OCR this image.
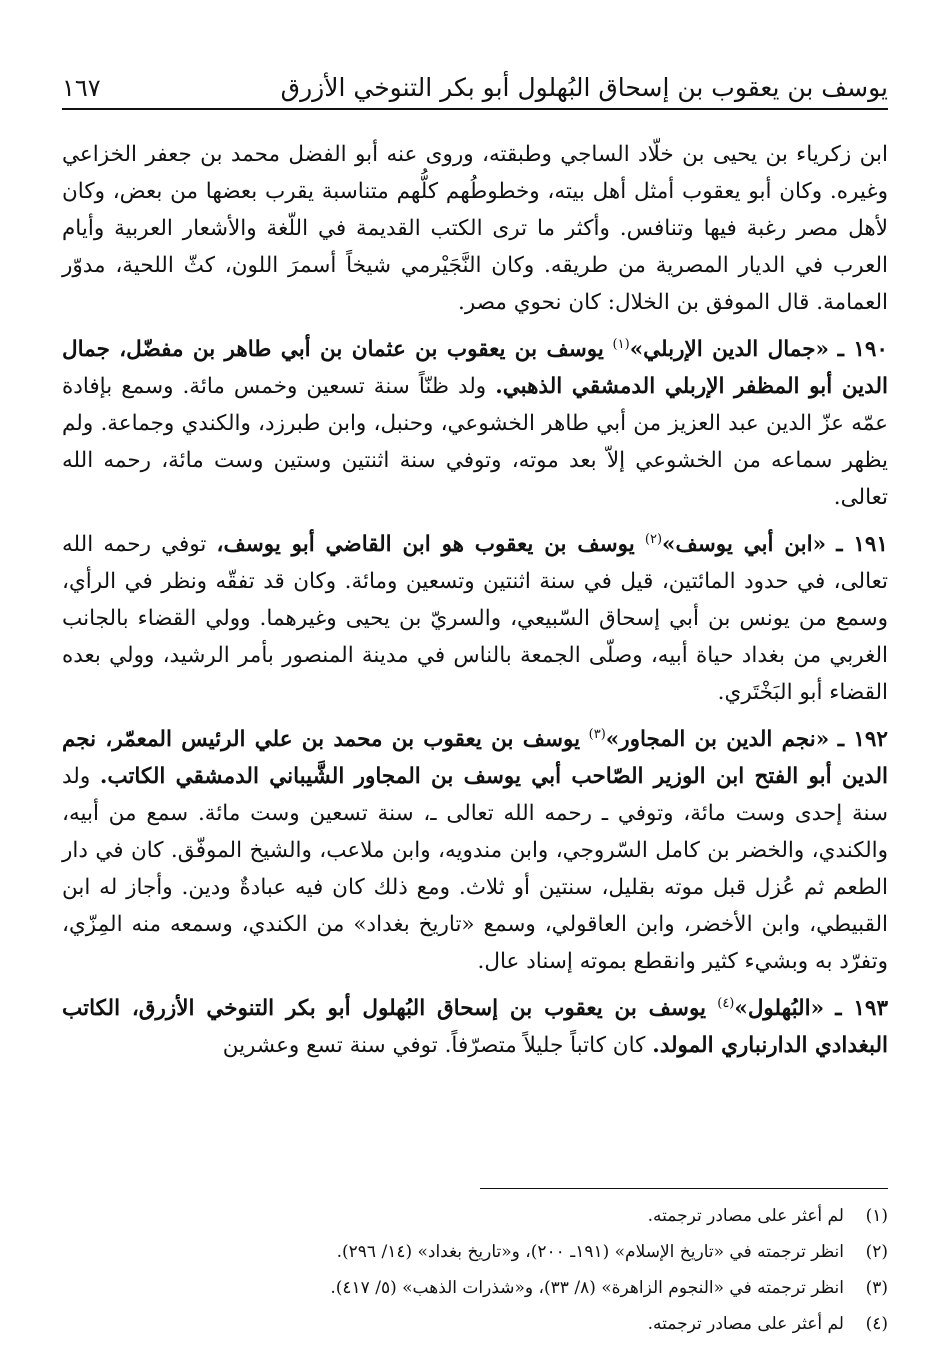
يوسف بن يعقوب بن إسحاق البُهلول أبو بكر التنوخي الأزرق
١٦٧

ابن زكرياء بن يحيى بن خلّاد الساجي وطبقته، وروى عنه أبو الفضل محمد بن جعفر الخزاعي وغيره. وكان أبو يعقوب أمثل أهل بيته، وخطوطُهم كلُّهم متناسبة يقرب بعضها من بعض، وكان لأهل مصر رغبة فيها وتنافس. وأكثر ما ترى الكتب القديمة في اللّغة والأشعار العربية وأيام العرب في الديار المصرية من طريقه. وكان النَّجَيْرمي شيخاً أسمرَ اللون، كثّ اللحية، مدوّر العمامة. قال الموفق بن الخلال: كان نحوي مصر.

١٩٠ ـ «جمال الدين الإربلي»$^{(١)}$ يوسف بن يعقوب بن عثمان بن أبي طاهر بن مفضّل، جمال الدين أبو المظفر الإربلي الدمشقي الذهبي. ولد ظنّاً سنة تسعين وخمس مائة. وسمع بإفادة عمّه عزّ الدين عبد العزيز من أبي طاهر الخشوعي، وحنبل، وابن طبرزد، والكندي وجماعة. ولم يظهر سماعه من الخشوعي إلاّ بعد موته، وتوفي سنة اثنتين وستين وست مائة، رحمه الله تعالى.

١٩١ ـ «ابن أبي يوسف»$^{(٢)}$ يوسف بن يعقوب هو ابن القاضي أبو يوسف، توفي رحمه الله تعالى، في حدود المائتين، قيل في سنة اثنتين وتسعين ومائة. وكان قد تفقّه ونظر في الرأي، وسمع من يونس بن أبي إسحاق السّبيعي، والسريّ بن يحيى وغيرهما. وولي القضاء بالجانب الغربي من بغداد حياة أبيه، وصلّى الجمعة بالناس في مدينة المنصور بأمر الرشيد، وولي بعده القضاء أبو البَخْتَري.

١٩٢ ـ «نجم الدين بن المجاور»$^{(٣)}$ يوسف بن يعقوب بن محمد بن علي الرئيس المعمّر، نجم الدين أبو الفتح ابن الوزير الصّاحب أبي يوسف بن المجاور الشَّيباني الدمشقي الكاتب. ولد سنة إحدى وست مائة، وتوفي ـ رحمه الله تعالى ـ، سنة تسعين وست مائة. سمع من أبيه، والكندي، والخضر بن كامل السّروجي، وابن مندويه، وابن ملاعب، والشيخ الموفّق. كان في دار الطعم ثم عُزل قبل موته بقليل، سنتين أو ثلاث. ومع ذلك كان فيه عبادةٌ ودين. وأجاز له ابن القبيطي، وابن الأخضر، وابن العاقولي، وسمع «تاريخ بغداد» من الكندي، وسمعه منه المِزّي، وتفرّد به وبشيء كثير وانقطع بموته إسناد عال.

١٩٣ ـ «البُهلول»$^{(٤)}$ يوسف بن يعقوب بن إسحاق البُهلول أبو بكر التنوخي الأزرق، الكاتب البغدادي الدارنباري المولد. كان كاتباً جليلاً متصرّفاً. توفي سنة تسع وعشرين

(١)
لم أعثر على مصادر ترجمته.
(٢)
انظر ترجمته في «تاريخ الإسلام» (١٩١ـ ٢٠٠)، و«تاريخ بغداد» (١٤/ ٢٩٦).
(٣)
انظر ترجمته في «النجوم الزاهرة» (٨/ ٣٣)، و«شذرات الذهب» (٥/ ٤١٧).
(٤)
لم أعثر على مصادر ترجمته.
